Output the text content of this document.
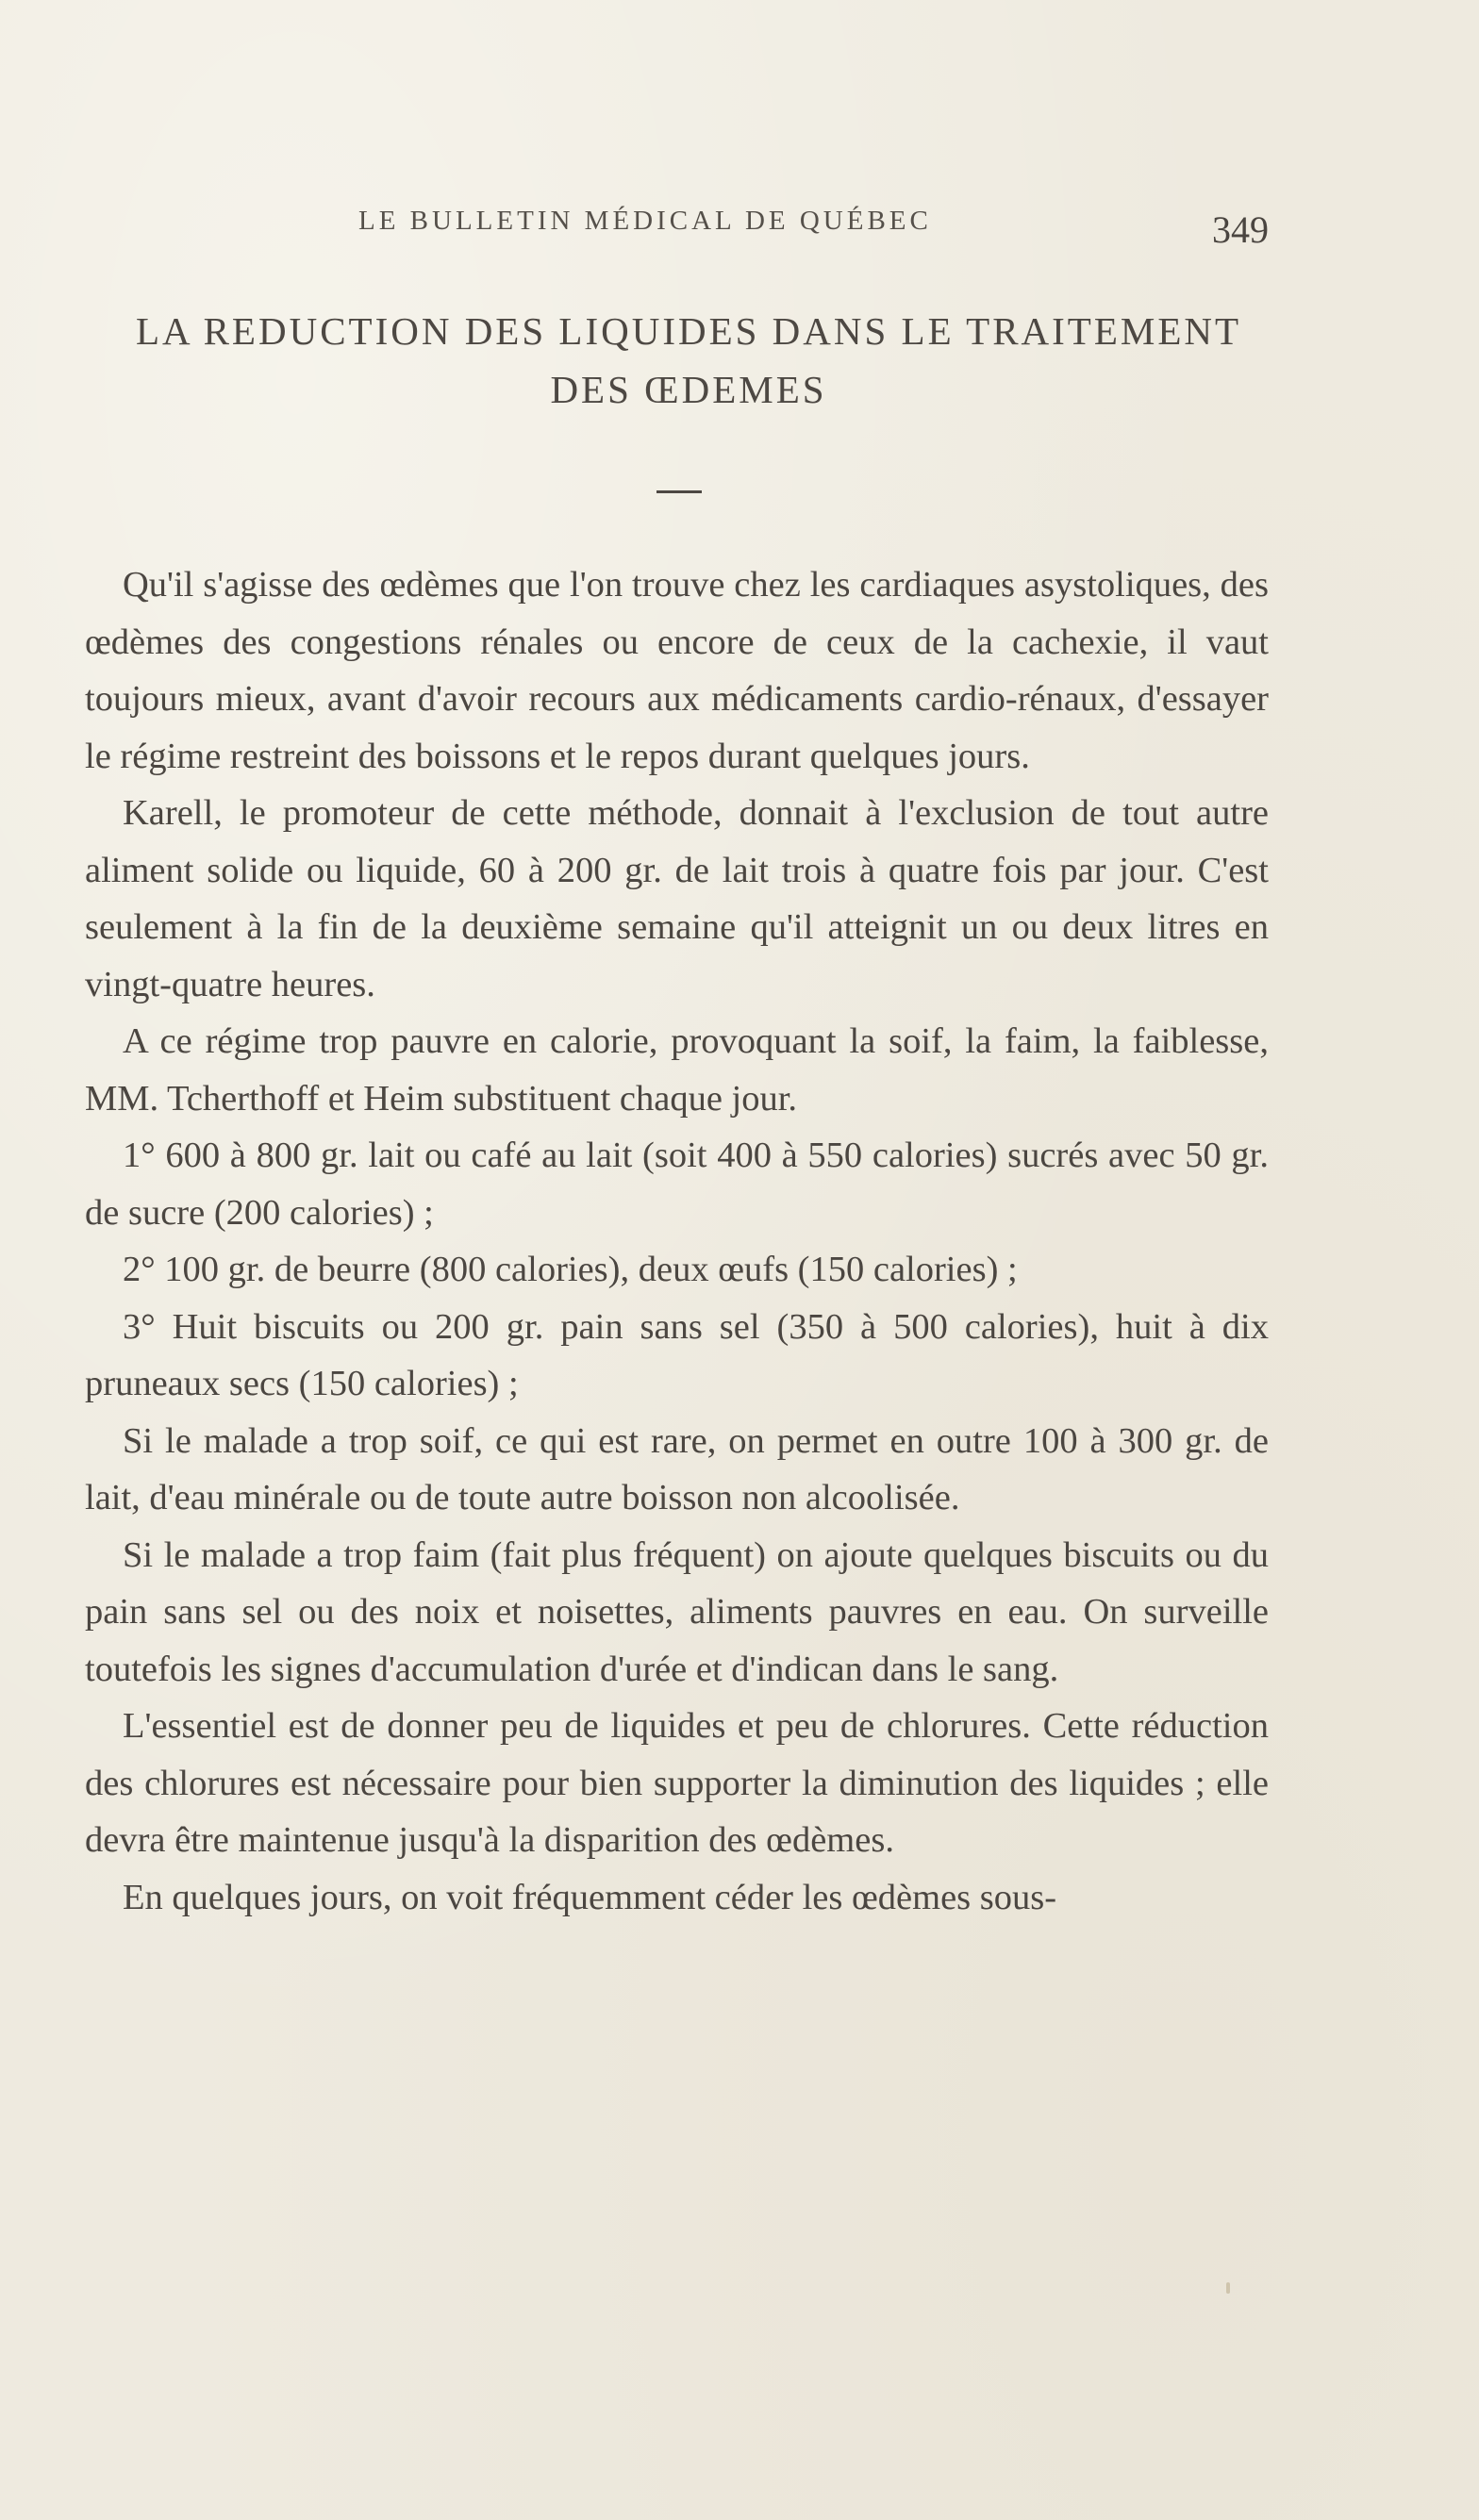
LE BULLETIN MÉDICAL DE QUÉBEC	349
LA REDUCTION DES LIQUIDES DANS LE TRAITEMENT DES ŒDEMES

Qu'il s'agisse des œdèmes que l'on trouve chez les cardiaques asystoliques, des œdèmes des congestions rénales ou encore de ceux de la cachexie, il vaut toujours mieux, avant d'avoir recours aux médicaments cardio-rénaux, d'essayer le régime restreint des boissons et le repos durant quelques jours.

Karell, le promoteur de cette méthode, donnait à l'exclusion de tout autre aliment solide ou liquide, 60 à 200 gr. de lait trois à quatre fois par jour. C'est seulement à la fin de la deuxième semaine qu'il atteignit un ou deux litres en vingt-quatre heures.

A ce régime trop pauvre en calorie, provoquant la soif, la faim, la faiblesse, MM. Tcherthoff et Heim substituent chaque jour.

1° 600 à 800 gr. lait ou café au lait (soit 400 à 550 calories) sucrés avec 50 gr. de sucre (200 calories) ;

2° 100 gr. de beurre (800 calories), deux œufs (150 calories) ;

3° Huit biscuits ou 200 gr. pain sans sel (350 à 500 calories), huit à dix pruneaux secs (150 calories) ;

Si le malade a trop soif, ce qui est rare, on permet en outre 100 à 300 gr. de lait, d'eau minérale ou de toute autre boisson non alcoolisée.

Si le malade a trop faim (fait plus fréquent) on ajoute quelques biscuits ou du pain sans sel ou des noix et noisettes, aliments pauvres en eau. On surveille toutefois les signes d'accumulation d'urée et d'indican dans le sang.

L'essentiel est de donner peu de liquides et peu de chlorures. Cette réduction des chlorures est nécessaire pour bien supporter la diminution des liquides ; elle devra être maintenue jusqu'à la disparition des œdèmes.

En quelques jours, on voit fréquemment céder les œdèmes sous-
